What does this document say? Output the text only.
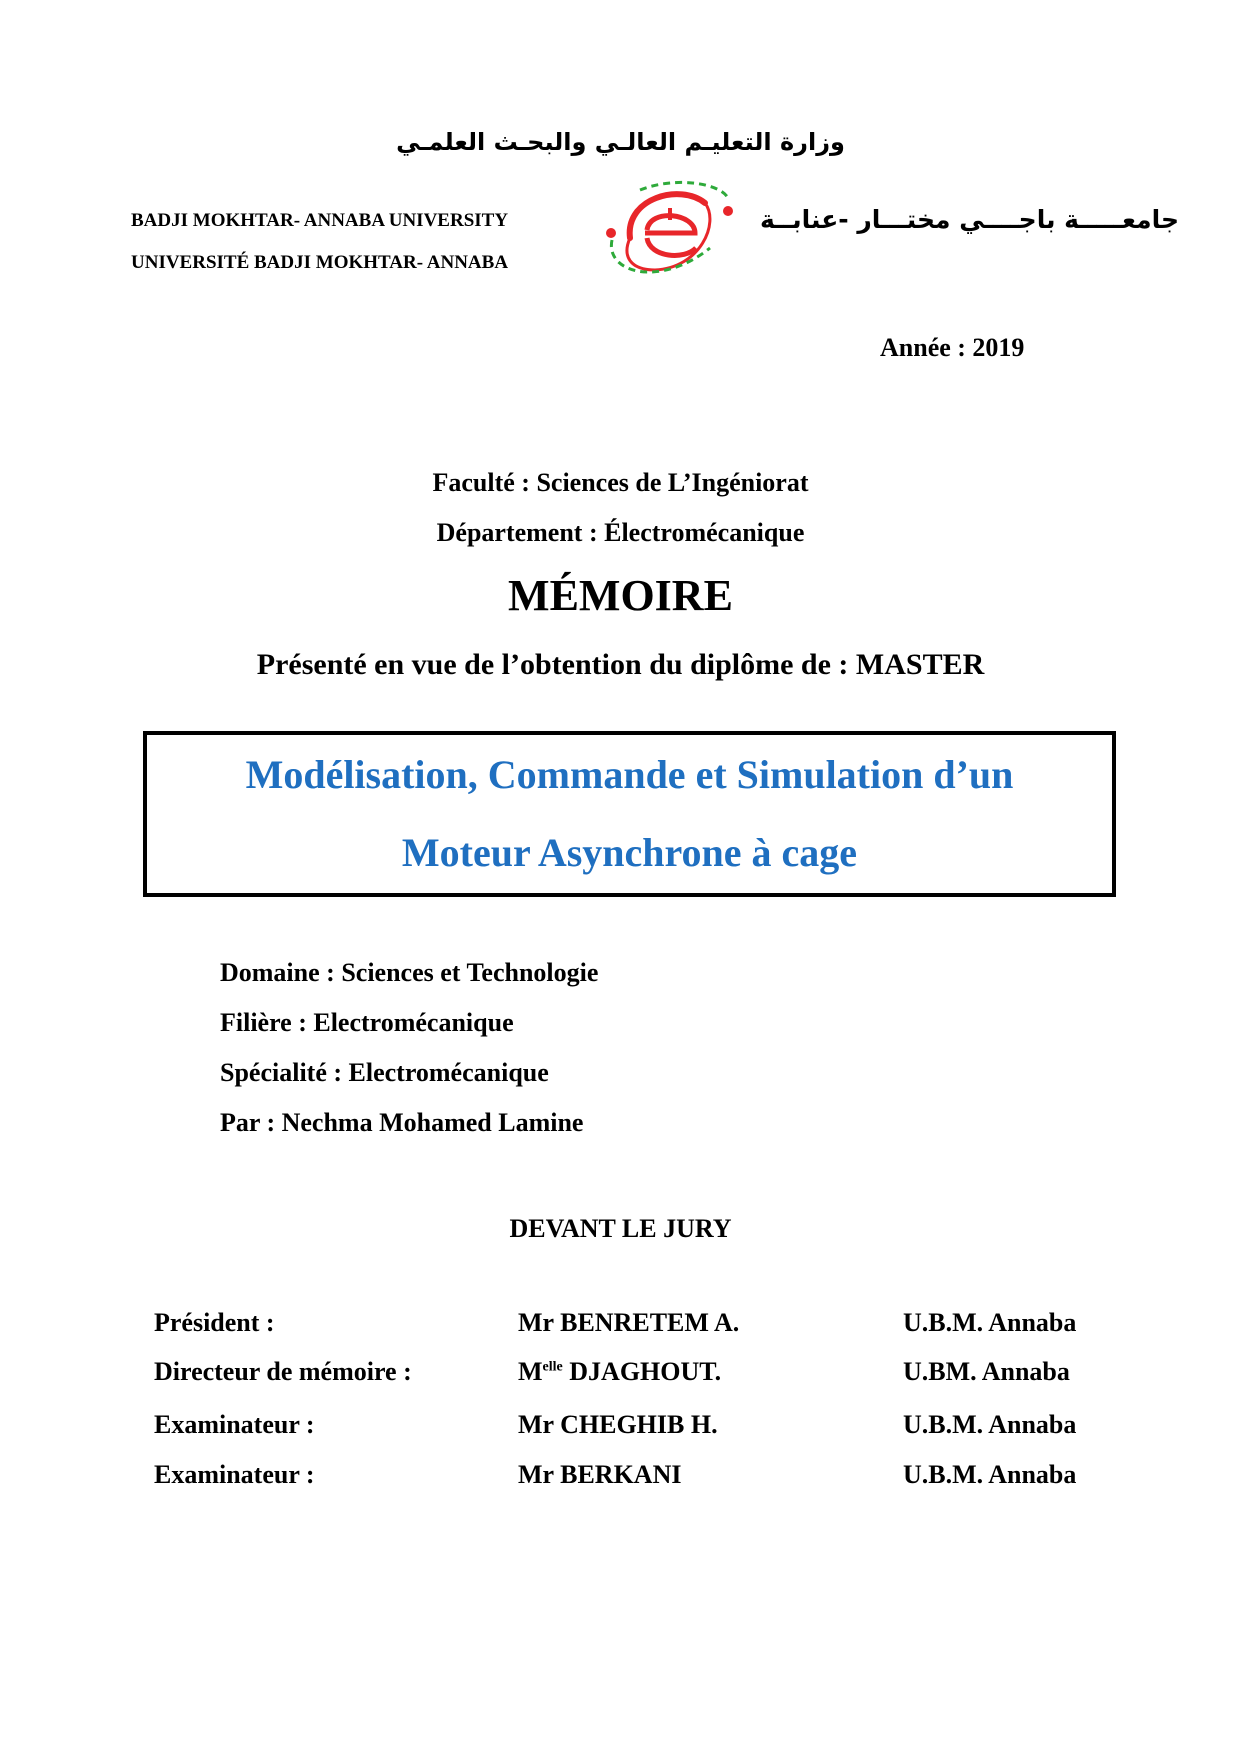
وزارة التعليـم العالـي والبحـث العلمـي
BADJI MOKHTAR- ANNABA UNIVERSITY
UNIVERSITÉ BADJI MOKHTAR- ANNABA
جامعـــــة باجــــي مختـــار -عنابــة
Année : 2019
Faculté : Sciences de L’Ingéniorat
Département : Électromécanique
MÉMOIRE
Présenté en vue de l’obtention du diplôme de : MASTER
Modélisation, Commande et Simulation d’un
Moteur Asynchrone à cage
Domaine : Sciences et Technologie
Filière : Electromécanique
Spécialité : Electromécanique
Par : Nechma Mohamed Lamine
DEVANT LE JURY
Président :	Mr BENRETEM A.	U.B.M. Annaba
Directeur de mémoire :	$M^{elle}$ DJAGHOUT.	U.BM. Annaba
Examinateur :	Mr CHEGHIB H.	U.B.M. Annaba
Examinateur :	Mr BERKANI	U.B.M. Annaba
